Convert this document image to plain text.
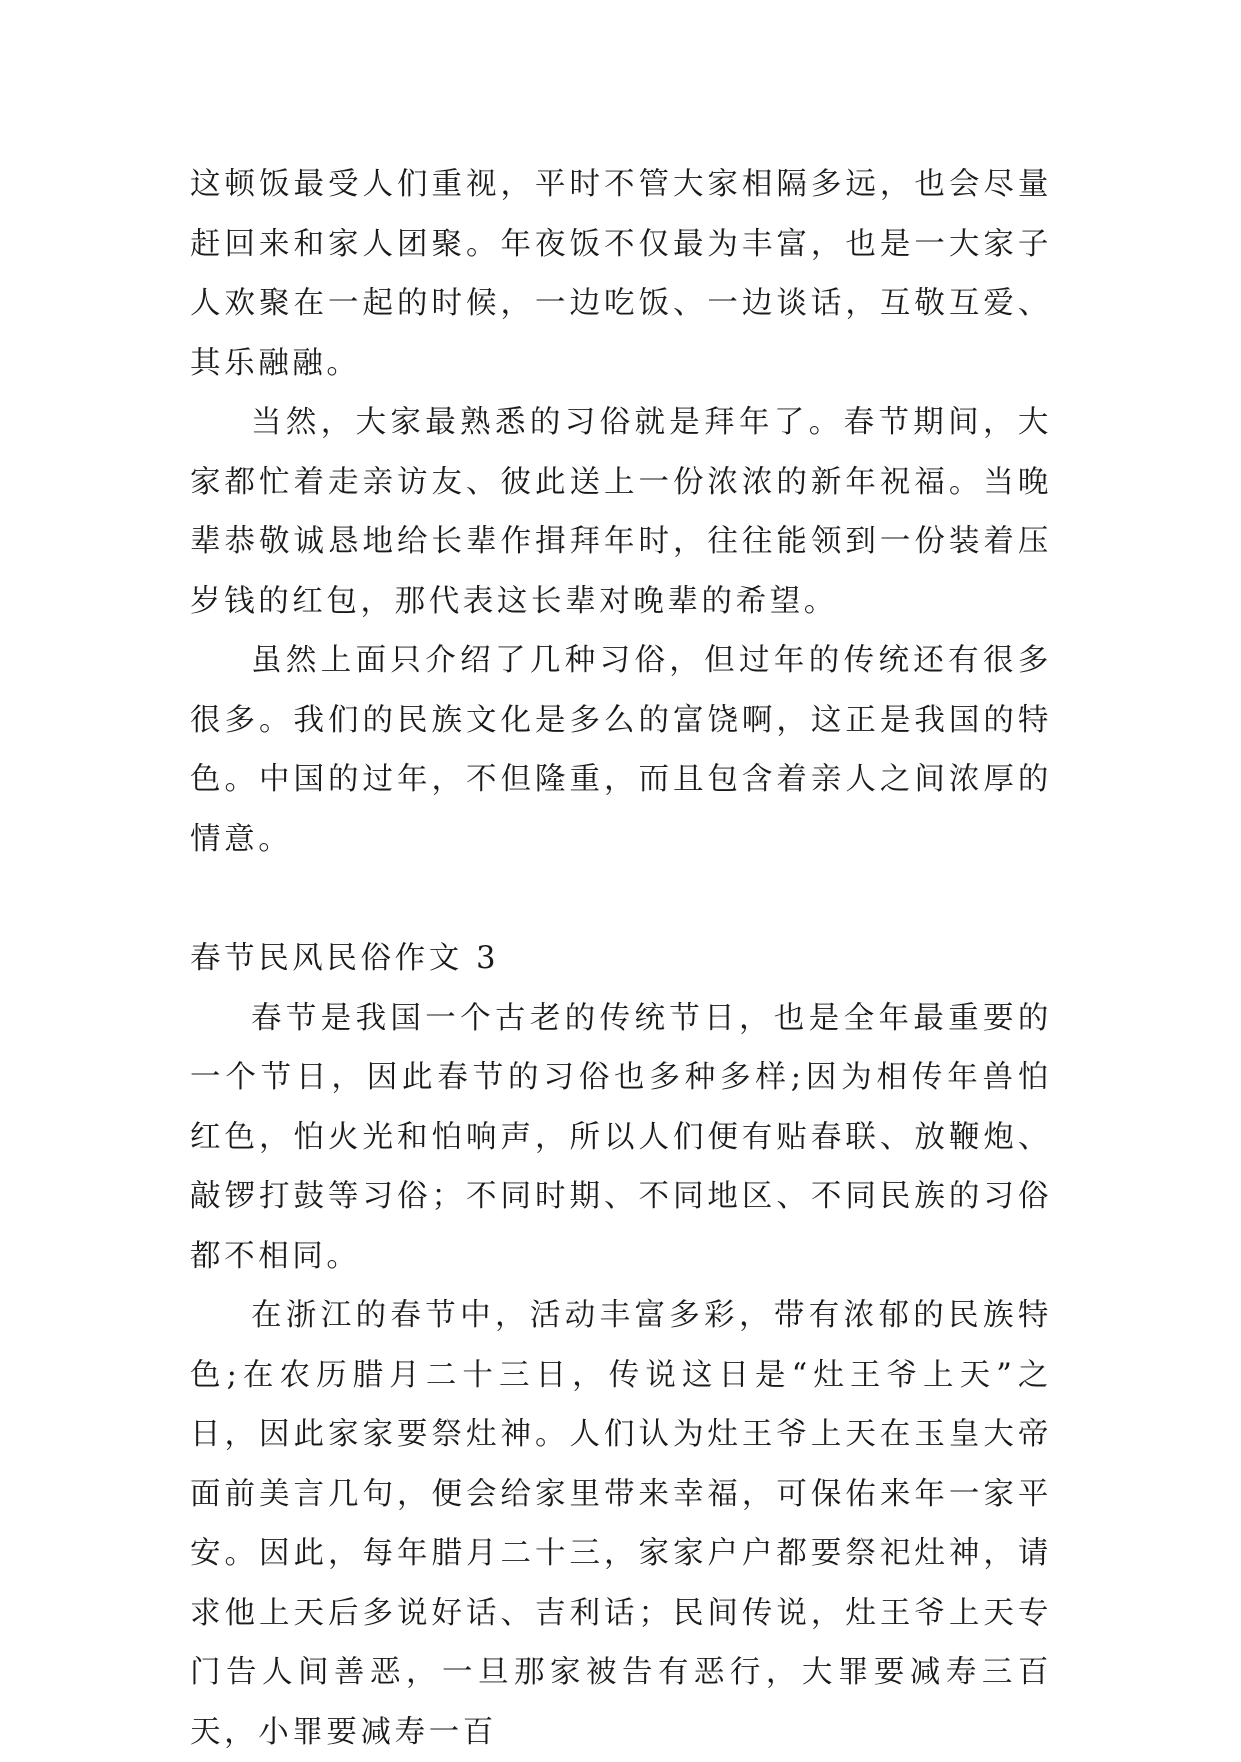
这顿饭最受人们重视，平时不管大家相隔多远，也会尽量赶回来和家人团聚。年夜饭不仅最为丰富，也是一大家子人欢聚在一起的时候，一边吃饭、一边谈话，互敬互爱、其乐融融。

当然，大家最熟悉的习俗就是拜年了。春节期间，大家都忙着走亲访友、彼此送上一份浓浓的新年祝福。当晚辈恭敬诚恳地给长辈作揖拜年时，往往能领到一份装着压岁钱的红包，那代表这长辈对晚辈的希望。

虽然上面只介绍了几种习俗，但过年的传统还有很多很多。我们的民族文化是多么的富饶啊，这正是我国的特色。中国的过年，不但隆重，而且包含着亲人之间浓厚的情意。

春节民风民俗作文 3

春节是我国一个古老的传统节日，也是全年最重要的一个节日，因此春节的习俗也多种多样;因为相传年兽怕红色，怕火光和怕响声，所以人们便有贴春联、放鞭炮、敲锣打鼓等习俗；不同时期、不同地区、不同民族的习俗都不相同。

在浙江的春节中，活动丰富多彩，带有浓郁的民族特色;在农历腊月二十三日，传说这日是“灶王爷上天”之日，因此家家要祭灶神。人们认为灶王爷上天在玉皇大帝面前美言几句，便会给家里带来幸福，可保佑来年一家平安。因此，每年腊月二十三，家家户户都要祭祀灶神，请求他上天后多说好话、吉利话；民间传说，灶王爷上天专门告人间善恶，一旦那家被告有恶行，大罪要减寿三百天，小罪要减寿一百
